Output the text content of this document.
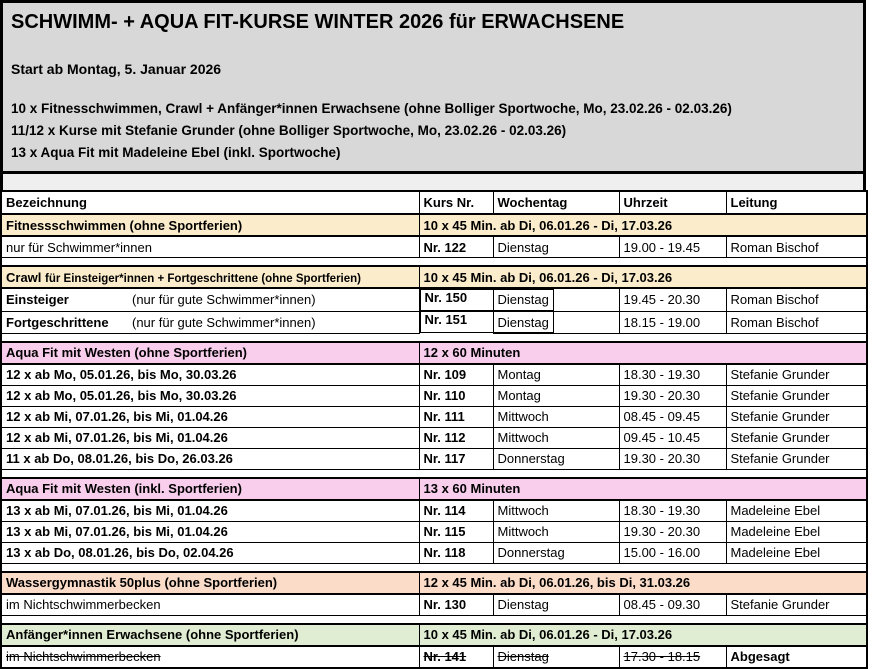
SCHWIMM- + AQUA FIT-KURSE WINTER 2026 für ERWACHSENE
Start ab Montag, 5. Januar 2026
10 x Fitnesschwimmen, Crawl + Anfänger*innen Erwachsene (ohne Bolliger Sportwoche, Mo, 23.02.26 - 02.03.26)
11/12 x Kurse mit Stefanie Grunder (ohne Bolliger Sportwoche, Mo, 23.02.26 - 02.03.26)
13 x Aqua Fit mit Madeleine Ebel (inkl. Sportwoche)
Bezeichnung	Kurs Nr.	Wochentag	Uhrzeit	Leitung
Fitnessschwimmen (ohne Sportferien)	10 x 45 Min. ab Di, 06.01.26 - Di, 17.03.26			
nur für Schwimmer*innen	Nr. 122	Dienstag	19.00 - 19.45	Roman Bischof

Crawl für Einsteiger*innen + Fortgeschrittene (ohne Sportferien)	10 x 45 Min. ab Di, 06.01.26 - Di, 17.03.26			
Einsteiger (nur für gute Schwimmer*innen)		Nr. 150 Dienstag	19.45 - 20.30	Roman Bischof
Fortgeschrittene (nur für gute Schwimmer*innen)		Nr. 151 Dienstag	18.15 - 19.00	Roman Bischof

Aqua Fit mit Westen (ohne Sportferien)	12 x 60 Minuten			
12 x ab Mo, 05.01.26, bis Mo, 30.03.26	Nr. 109	Montag	18.30 - 19.30	Stefanie Grunder
12 x ab Mo, 05.01.26, bis Mo, 30.03.26	Nr. 110	Montag	19.30 - 20.30	Stefanie Grunder
12 x ab Mi, 07.01.26, bis Mi, 01.04.26	Nr. 111	Mittwoch	08.45 - 09.45	Stefanie Grunder
12 x ab Mi, 07.01.26, bis Mi, 01.04.26	Nr. 112	Mittwoch	09.45 - 10.45	Stefanie Grunder
11 x ab Do, 08.01.26, bis Do, 26.03.26	Nr. 117	Donnerstag	19.30 - 20.30	Stefanie Grunder

Aqua Fit mit Westen (inkl. Sportferien)	13 x 60 Minuten			
13 x ab Mi, 07.01.26, bis Mi, 01.04.26	Nr. 114	Mittwoch	18.30 - 19.30	Madeleine Ebel
13 x ab Mi, 07.01.26, bis Mi, 01.04.26	Nr. 115	Mittwoch	19.30 - 20.30	Madeleine Ebel
13 x ab Do, 08.01.26, bis Do, 02.04.26	Nr. 118	Donnerstag	15.00 - 16.00	Madeleine Ebel

Wassergymnastik 50plus (ohne Sportferien)	12 x 45 Min. ab Di, 06.01.26, bis Di, 31.03.26			
im Nichtschwimmerbecken	Nr. 130	Dienstag	08.45 - 09.30	Stefanie Grunder

Anfänger*innen Erwachsene (ohne Sportferien)	10 x 45 Min. ab Di, 06.01.26 - Di, 17.03.26			
im Nichtschwimmerbecken	Nr. 141	Dienstag	17.30 - 18.15	Abgesagt
